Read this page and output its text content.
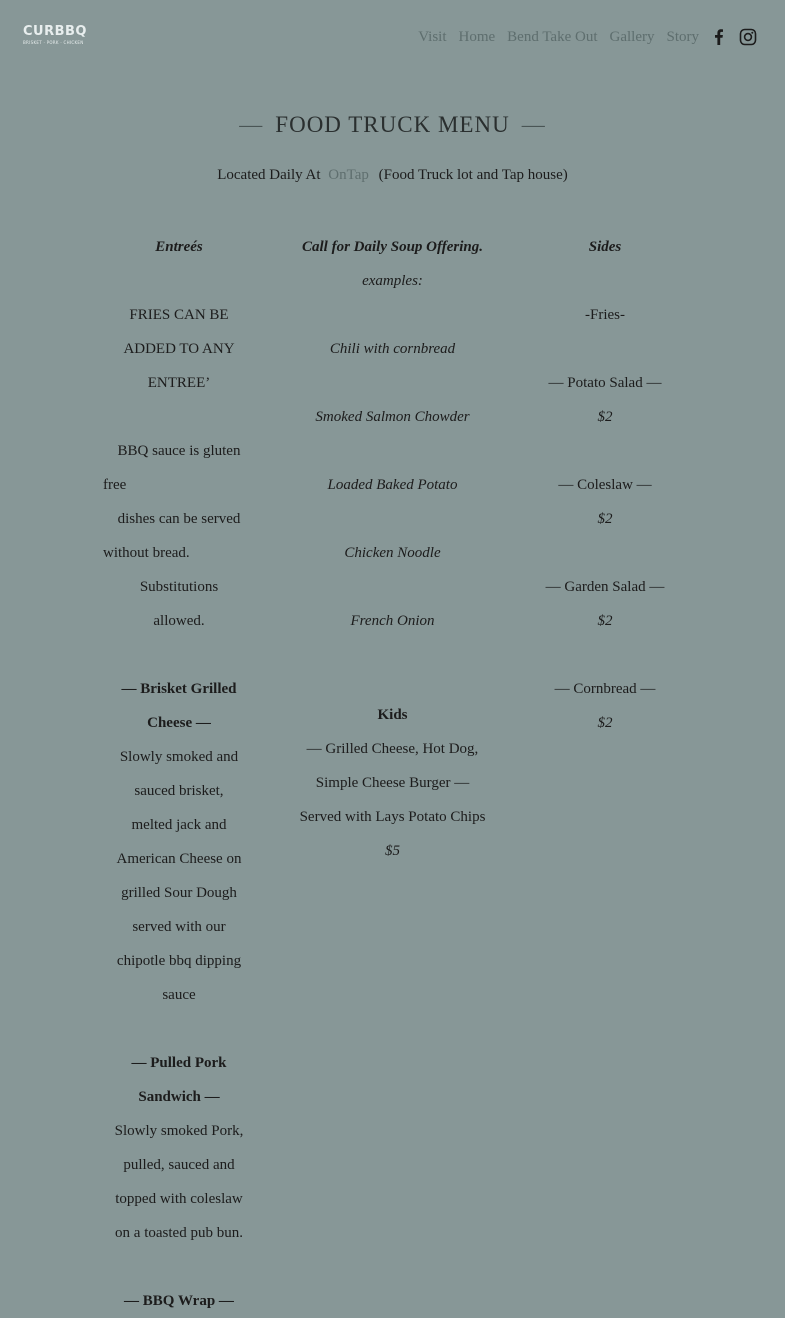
CURBBQ
BRISKET · PORK · CHICKEN	Visit Home Bend Take Out Gallery Story
— FOOD TRUCK MENU —
Located Daily At OnTap (Food Truck lot and Tap house)

Entreés

FRIES CAN BE

ADDED TO ANY

ENTREE’

BBQ sauce is gluten

free

dishes can be served

without bread.

Substitutions

allowed.

— Brisket Grilled

Cheese —

Slowly smoked and

sauced brisket,

melted jack and

American Cheese on

grilled Sour Dough

served with our

chipotle bbq dipping

sauce

— Pulled Pork

Sandwich —

Slowly smoked Pork,

pulled, sauced and

topped with coleslaw

on a toasted pub bun.

— BBQ Wrap —

Call for Daily Soup Offering.

examples:

Chili with cornbread

Smoked Salmon Chowder

Loaded Baked Potato

Chicken Noodle

French Onion

Kids

— Grilled Cheese, Hot Dog,

Simple Cheese Burger —

Served with Lays Potato Chips

$5

Sides

-Fries-

— Potato Salad —

$2

— Coleslaw —

$2

— Garden Salad —

$2

— Cornbread —

$2
